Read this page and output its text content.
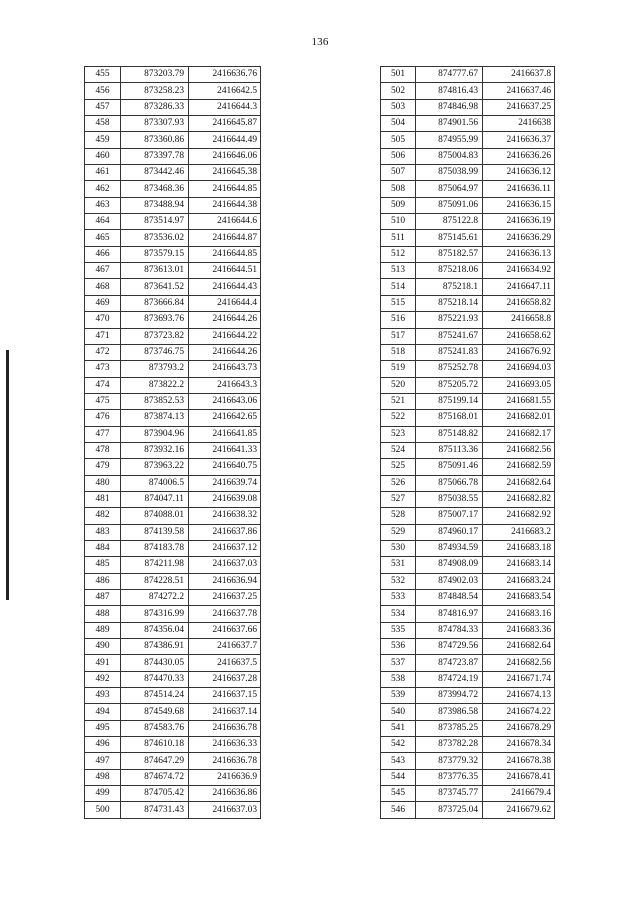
136
455	873203.79	2416636.76
456	873258.23	2416642.5
457	873286.33	2416644.3
458	873307.93	2416645.87
459	873360.86	2416644.49
460	873397.78	2416646.06
461	873442.46	2416645.38
462	873468.36	2416644.85
463	873488.94	2416644.38
464	873514.97	2416644.6
465	873536.02	2416644.87
466	873579.15	2416644.85
467	873613.01	2416644.51
468	873641.52	2416644.43
469	873666.84	2416644.4
470	873693.76	2416644.26
471	873723.82	2416644.22
472	873746.75	2416644.26
473	873793.2	2416643.73
474	873822.2	2416643.3
475	873852.53	2416643.06
476	873874.13	2416642.65
477	873904.96	2416641.85
478	873932.16	2416641.33
479	873963.22	2416640.75
480	874006.5	2416639.74
481	874047.11	2416639.08
482	874088.01	2416638.32
483	874139.58	2416637.86
484	874183.78	2416637.12
485	874211.98	2416637.03
486	874228.51	2416636.94
487	874272.2	2416637.25
488	874316.99	2416637.78
489	874356.04	2416637.66
490	874386.91	2416637.7
491	874430.05	2416637.5
492	874470.33	2416637.28
493	874514.24	2416637.15
494	874549.68	2416637.14
495	874583.76	2416636.78
496	874610.18	2416636.33
497	874647.29	2416636.78
498	874674.72	2416636.9
499	874705.42	2416636.86
500	874731.43	2416637.03
501	874777.67	2416637.8
502	874816.43	2416637.46
503	874846.98	2416637.25
504	874901.56	2416638
505	874955.99	2416636.37
506	875004.83	2416636.26
507	875038.99	2416636.12
508	875064.97	2416636.11
509	875091.06	2416636.15
510	875122.8	2416636.19
511	875145.61	2416636.29
512	875182.57	2416636.13
513	875218.06	2416634.92
514	875218.1	2416647.11
515	875218.14	2416658.82
516	875221.93	2416658.8
517	875241.67	2416658.62
518	875241.83	2416676.92
519	875252.78	2416694.03
520	875205.72	2416693.05
521	875199.14	2416681.55
522	875168.01	2416682.01
523	875148.82	2416682.17
524	875113.36	2416682.56
525	875091.46	2416682.59
526	875066.78	2416682.64
527	875038.55	2416682.82
528	875007.17	2416682.92
529	874960.17	2416683.2
530	874934.59	2416683.18
531	874908.09	2416683.14
532	874902.03	2416683.24
533	874848.54	2416683.54
534	874816.97	2416683.16
535	874784.33	2416683.36
536	874729.56	2416682.64
537	874723.87	2416682.56
538	874724.19	2416671.74
539	873994.72	2416674.13
540	873986.58	2416674.22
541	873785.25	2416678.29
542	873782.28	2416678.34
543	873779.32	2416678.38
544	873776.35	2416678.41
545	873745.77	2416679.4
546	873725.04	2416679.62
